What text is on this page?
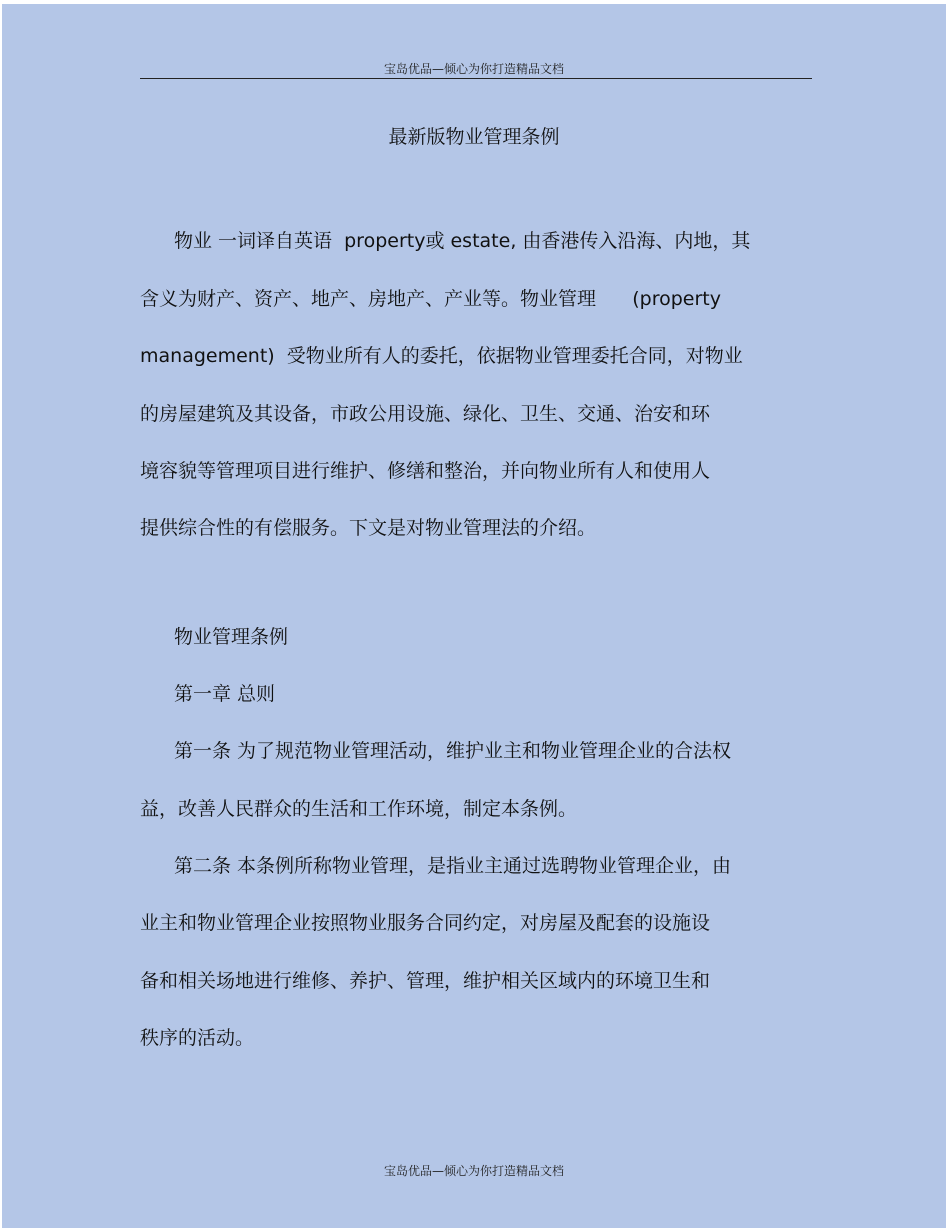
宝岛优品—倾心为你打造精品文档
最新版物业管理条例
物业 一词译自英语  property或 estate, 由香港传入沿海、内地，其
含义为财产、资产、地产、房地产、产业等。物业管理      (property
management)  受物业所有人的委托，依据物业管理委托合同，对物业
的房屋建筑及其设备，市政公用设施、绿化、卫生、交通、治安和环
境容貌等管理项目进行维护、修缮和整治，并向物业所有人和使用人
提供综合性的有偿服务。下文是对物业管理法的介绍。
物业管理条例
第一章 总则
第一条 为了规范物业管理活动，维护业主和物业管理企业的合法权
益，改善人民群众的生活和工作环境，制定本条例。
第二条 本条例所称物业管理，是指业主通过选聘物业管理企业，由
业主和物业管理企业按照物业服务合同约定，对房屋及配套的设施设
备和相关场地进行维修、养护、管理，维护相关区域内的环境卫生和
秩序的活动。
宝岛优品—倾心为你打造精品文档
